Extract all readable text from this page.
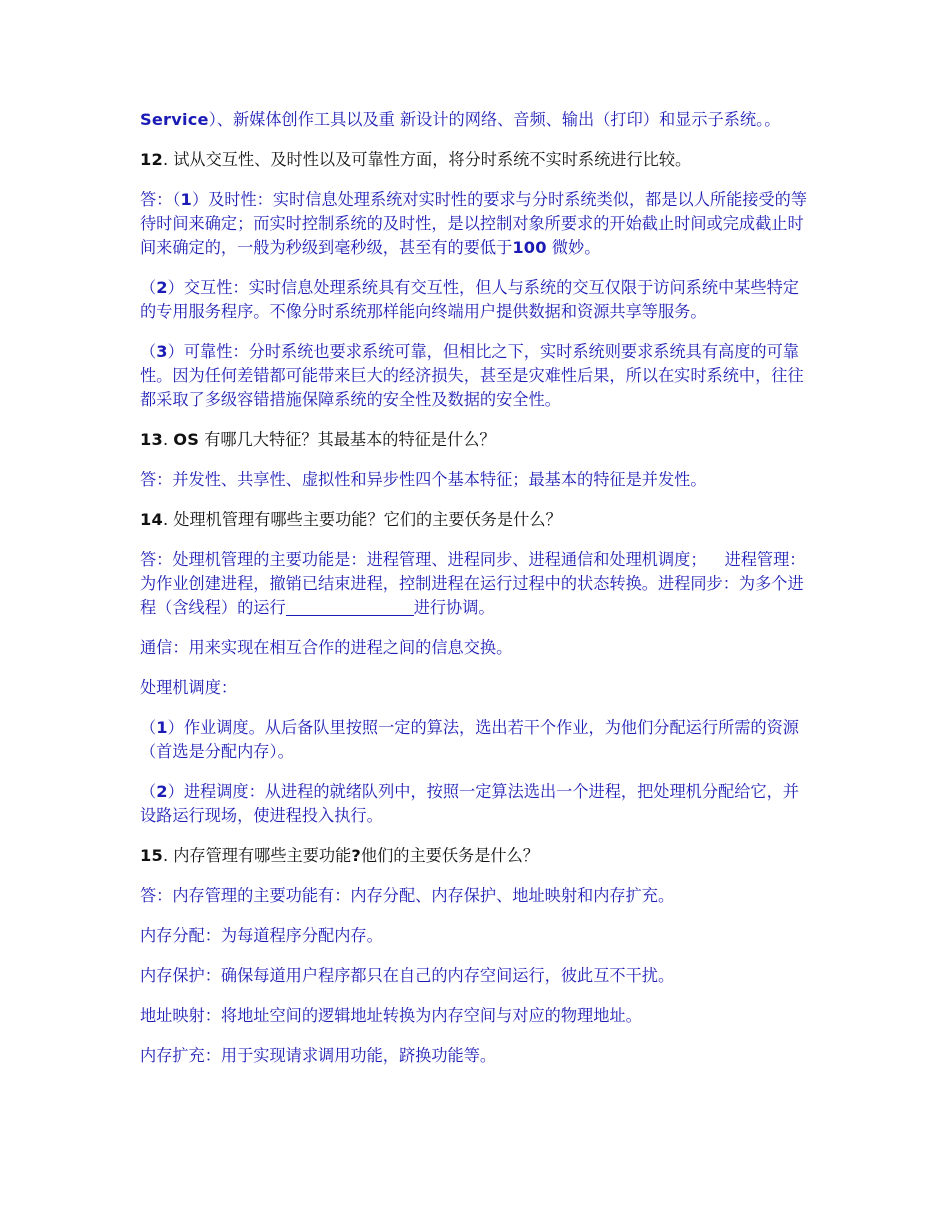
Service）、新媒体创作工具以及重 新设计的网络、音频、输出（打印）和显示子系统。。

12. 试从交互性、及时性以及可靠性方面，将分时系统不实时系统进行比较。

答：（1）及时性：实时信息处理系统对实时性的要求与分时系统类似，都是以人所能接受的等待时间来确定；而实时控制系统的及时性，是以控制对象所要求的开始截止时间或完成截止时间来确定的，一般为秒级到毫秒级，甚至有的要低于100 微妙。

（2）交互性：实时信息处理系统具有交互性，但人与系统的交互仅限于访问系统中某些特定的专用服务程序。不像分时系统那样能向终端用户提供数据和资源共享等服务。

（3）可靠性：分时系统也要求系统可靠，但相比之下，实时系统则要求系统具有高度的可靠性。因为任何差错都可能带来巨大的经济损失，甚至是灾难性后果，所以在实时系统中，往往都采取了多级容错措施保障系统的安全性及数据的安全性。

13. OS 有哪几大特征？其最基本的特征是什么？

答：并发性、共享性、虚拟性和异步性四个基本特征；最基本的特征是并发性。

14. 处理机管理有哪些主要功能？它们的主要仸务是什么？

答：处理机管理的主要功能是：进程管理、进程同步、进程通信和处理机调度； 进程管理：为作业创建进程，撤销已结束进程，控制进程在运行过程中的状态转换。进程同步：为多个进程（含线程）的运行	进行协调。

通信：用来实现在相互合作的进程之间的信息交换。

处理机调度：

（1）作业调度。从后备队里按照一定的算法，选出若干个作业，为他们分配运行所需的资源（首选是分配内存）。

（2）进程调度：从进程的就绪队列中，按照一定算法选出一个进程，把处理机分配给它，并设路运行现场，使进程投入执行。

15. 内存管理有哪些主要功能?他们的主要仸务是什么？

答：内存管理的主要功能有：内存分配、内存保护、地址映射和内存扩充。

内存分配：为每道程序分配内存。

内存保护：确保每道用户程序都只在自己的内存空间运行，彼此互不干扰。

地址映射：将地址空间的逻辑地址转换为内存空间与对应的物理地址。

内存扩充：用于实现请求调用功能，跻换功能等。
